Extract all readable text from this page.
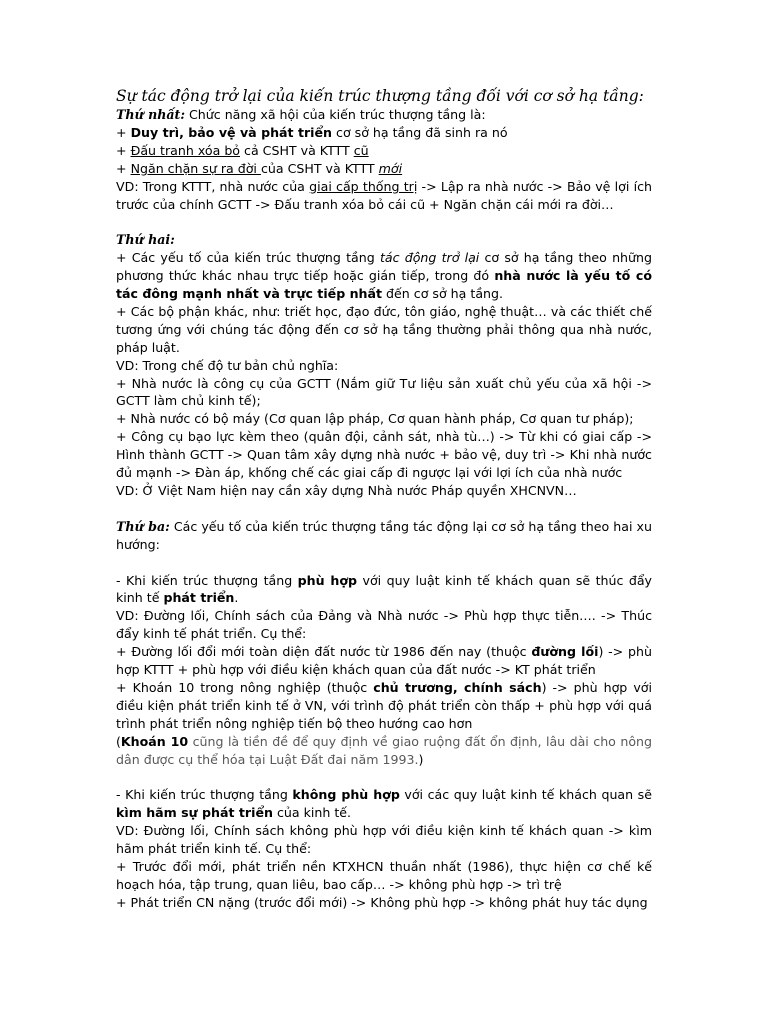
Sự tác động trở lại của kiến trúc thượng tầng đối với cơ sở hạ tầng:

Thứ nhất: Chức năng xã hội của kiến trúc thượng tầng là:

+ Duy trì, bảo vệ và phát triển cơ sở hạ tầng đã sinh ra nó

+ Đấu tranh xóa bỏ cả CSHT và KTTT cũ

+ Ngăn chặn sự ra đời của CSHT và KTTT mới

VD: Trong KTTT, nhà nước của giai cấp thống trị -> Lập ra nhà nước -> Bảo vệ lợi ích trước của chính GCTT -> Đấu tranh xóa bỏ cái cũ + Ngăn chặn cái mới ra đời…

Thứ hai:

+ Các yếu tố của kiến trúc thượng tầng tác động trở lại cơ sở hạ tầng theo những phương thức khác nhau trực tiếp hoặc gián tiếp, trong đó nhà nước là yếu tố có tác đông mạnh nhất và trực tiếp nhất đến cơ sở hạ tầng.

+ Các bộ phận khác, như: triết học, đạo đức, tôn giáo, nghệ thuật… và các thiết chế tương ứng với chúng tác động đến cơ sở hạ tầng thường phải thông qua nhà nước, pháp luật.

VD: Trong chế độ tư bản chủ nghĩa:

+ Nhà nước là công cụ của GCTT (Nắm giữ Tư liệu sản xuất chủ yếu của xã hội -> GCTT làm chủ kinh tế);

+ Nhà nước có bộ máy (Cơ quan lập pháp, Cơ quan hành pháp, Cơ quan tư pháp);

+ Công cụ bạo lực kèm theo (quân đội, cảnh sát, nhà tù…) -> Từ khi có giai cấp -> Hình thành GCTT -> Quan tâm xây dựng nhà nước + bảo vệ, duy trì -> Khi nhà nước đủ mạnh -> Đàn áp, khống chế các giai cấp đi ngược lại với lợi ích của nhà nước

VD: Ở Việt Nam hiện nay cần xây dựng Nhà nước Pháp quyền XHCNVN…

Thứ ba: Các yếu tố của kiến trúc thượng tầng tác động lại cơ sở hạ tầng theo hai xu hướng:

- Khi kiến trúc thượng tầng phù hợp với quy luật kinh tế khách quan sẽ thúc đẩy kinh tế phát triển.

VD: Đường lối, Chính sách của Đảng và Nhà nước -> Phù hợp thực tiễn…. -> Thúc đẩy kinh tế phát triển. Cụ thể:

+ Đường lối đổi mới toàn diện đất nước từ 1986 đến nay (thuộc đường lối) -> phù hợp KTTT + phù hợp với điều kiện khách quan của đất nước -> KT phát triển

+ Khoán 10 trong nông nghiệp (thuộc chủ trương, chính sách) -> phù hợp với điều kiện phát triển kinh tế ở VN, với trình độ phát triển còn thấp + phù hợp với quá trình phát triển nông nghiệp tiến bộ theo hướng cao hơn

(Khoán 10 cũng là tiền đề để quy định về giao ruộng đất ổn định, lâu dài cho nông dân được cụ thể hóa tại Luật Đất đai năm 1993.)

- Khi kiến trúc thượng tầng không phù hợp với các quy luật kinh tế khách quan sẽ kìm hãm sự phát triển của kinh tế.

VD: Đường lối, Chính sách không phù hợp với điều kiện kinh tế khách quan -> kìm hãm phát triển kinh tế. Cụ thể:

+ Trước đổi mới, phát triển nền KTXHCN thuần nhất (1986), thực hiện cơ chế kế hoạch hóa, tập trung, quan liêu, bao cấp… -> không phù hợp -> trì trệ

+ Phát triển CN nặng (trước đổi mới) -> Không phù hợp -> không phát huy tác dụng
